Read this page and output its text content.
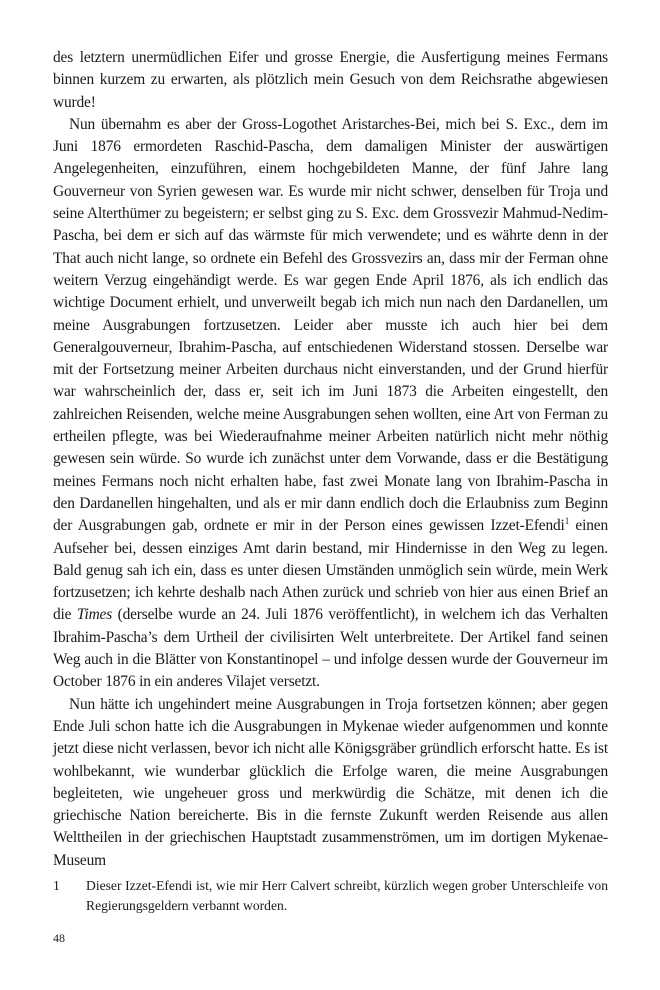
des letztern unermüdlichen Eifer und grosse Energie, die Ausfertigung meines Fermans binnen kurzem zu erwarten, als plötzlich mein Gesuch von dem Reichsrathe abgewiesen wurde!

Nun übernahm es aber der Gross-Logothet Aristarches-Bei, mich bei S. Exc., dem im Juni 1876 ermordeten Raschid-Pascha, dem damaligen Minister der auswärtigen Angelegenheiten, einzuführen, einem hochgebildeten Manne, der fünf Jahre lang Gouverneur von Syrien gewesen war. Es wurde mir nicht schwer, denselben für Troja und seine Alterthümer zu begeistern; er selbst ging zu S. Exc. dem Grossvezir Mahmud-Nedim-Pascha, bei dem er sich auf das wärmste für mich verwendete; und es währte denn in der That auch nicht lange, so ordnete ein Befehl des Grossvezirs an, dass mir der Ferman ohne weitern Verzug eingehändigt werde. Es war gegen Ende April 1876, als ich endlich das wichtige Document erhielt, und unverweilt begab ich mich nun nach den Dardanellen, um meine Ausgrabungen fortzusetzen. Leider aber musste ich auch hier bei dem Generalgouverneur, Ibrahim-Pascha, auf entschiedenen Widerstand stossen. Derselbe war mit der Fortsetzung meiner Arbeiten durchaus nicht einverstanden, und der Grund hierfür war wahrscheinlich der, dass er, seit ich im Juni 1873 die Arbeiten eingestellt, den zahlreichen Reisenden, welche meine Ausgrabungen sehen wollten, eine Art von Ferman zu ertheilen pflegte, was bei Wiederaufnahme meiner Arbeiten natürlich nicht mehr nöthig gewesen sein würde. So wurde ich zunächst unter dem Vorwande, dass er die Bestätigung meines Fermans noch nicht erhalten habe, fast zwei Monate lang von Ibrahim-Pascha in den Dardanellen hingehalten, und als er mir dann endlich doch die Erlaubniss zum Beginn der Ausgrabungen gab, ordnete er mir in der Person eines gewissen Izzet-Efendi$^1$ einen Aufseher bei, dessen einziges Amt darin bestand, mir Hindernisse in den Weg zu legen. Bald genug sah ich ein, dass es unter diesen Umständen unmöglich sein würde, mein Werk fortzusetzen; ich kehrte deshalb nach Athen zurück und schrieb von hier aus einen Brief an die Times (derselbe wurde an 24. Juli 1876 veröffentlicht), in welchem ich das Verhalten Ibrahim-Pascha’s dem Urtheil der civilisirten Welt unterbreitete. Der Artikel fand seinen Weg auch in die Blätter von Konstantinopel – und infolge dessen wurde der Gouverneur im October 1876 in ein anderes Vilajet versetzt.

Nun hätte ich ungehindert meine Ausgrabungen in Troja fortsetzen können; aber gegen Ende Juli schon hatte ich die Ausgrabungen in Mykenae wieder aufgenommen und konnte jetzt diese nicht verlassen, bevor ich nicht alle Königsgräber gründlich erforscht hatte. Es ist wohlbekannt, wie wunderbar glücklich die Erfolge waren, die meine Ausgrabungen begleiteten, wie ungeheuer gross und merkwürdig die Schätze, mit denen ich die griechische Nation bereicherte. Bis in die fernste Zukunft werden Reisende aus allen Welttheilen in der griechischen Hauptstadt zusammenströmen, um im dortigen Mykenae-Museum

1 Dieser Izzet-Efendi ist, wie mir Herr Calvert schreibt, kürzlich wegen grober Unterschleife von Regierungsgeldern verbannt worden.
48
